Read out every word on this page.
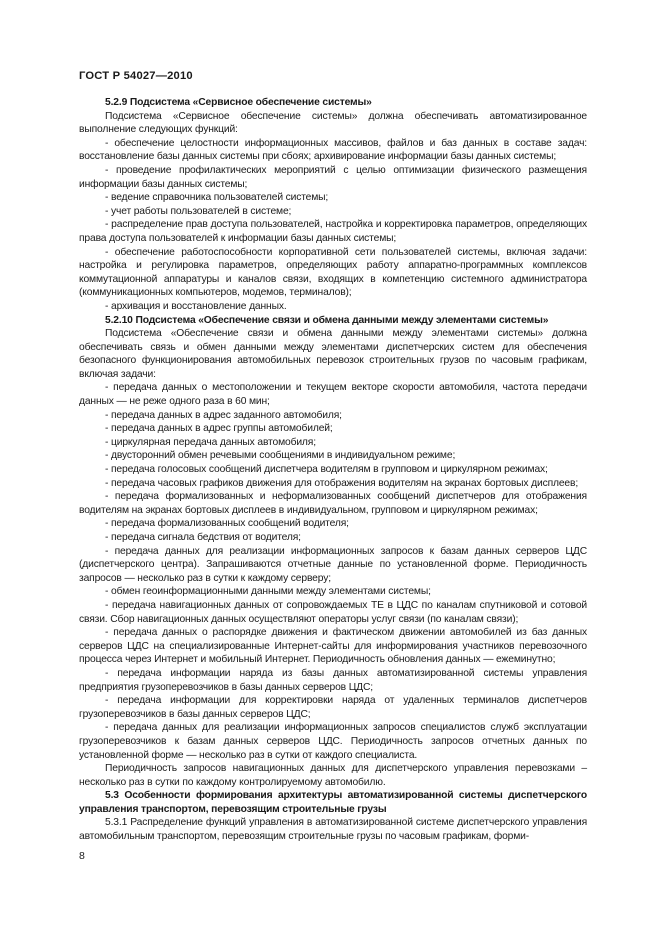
ГОСТ Р 54027—2010

5.2.9 Подсистема «Сервисное обеспечение системы»

Подсистема «Сервисное обеспечение системы» должна обеспечивать автоматизированное выполнение следующих функций:

- обеспечение целостности информационных массивов, файлов и баз данных в составе задач: восстановление базы данных системы при сбоях; архивирование информации базы данных системы;

- проведение профилактических мероприятий с целью оптимизации физического размещения информации базы данных системы;

- ведение справочника пользователей системы;

- учет работы пользователей в системе;

- распределение прав доступа пользователей, настройка и корректировка параметров, определяющих права доступа пользователей к информации базы данных системы;

- обеспечение работоспособности корпоративной сети пользователей системы, включая задачи: настройка и регулировка параметров, определяющих работу аппаратно-программных комплексов коммутационной аппаратуры и каналов связи, входящих в компетенцию системного администратора (коммуникационных компьютеров, модемов, терминалов);

- архивация и восстановление данных.

5.2.10 Подсистема «Обеспечение связи и обмена данными между элементами системы»

Подсистема «Обеспечение связи и обмена данными между элементами системы» должна обеспечивать связь и обмен данными между элементами диспетчерских систем для обеспечения безопасного функционирования автомобильных перевозок строительных грузов по часовым графикам, включая задачи:

- передача данных о местоположении и текущем векторе скорости автомобиля, частота передачи данных — не реже одного раза в 60 мин;

- передача данных в адрес заданного автомобиля;

- передача данных в адрес группы автомобилей;

- циркулярная передача данных автомобиля;

- двусторонний обмен речевыми сообщениями в индивидуальном режиме;

- передача голосовых сообщений диспетчера водителям в групповом и циркулярном режимах;

- передача часовых графиков движения для отображения водителям на экранах бортовых дисплеев;

- передача формализованных и неформализованных сообщений диспетчеров для отображения водителям на экранах бортовых дисплеев в индивидуальном, групповом и циркулярном режимах;

- передача формализованных сообщений водителя;

- передача сигнала бедствия от водителя;

- передача данных для реализации информационных запросов к базам данных серверов ЦДС (диспетчерского центра). Запрашиваются отчетные данные по установленной форме. Периодичность запросов — несколько раз в сутки к каждому серверу;

- обмен геоинформационными данными между элементами системы;

- передача навигационных данных от сопровождаемых ТЕ в ЦДС по каналам спутниковой и сотовой связи. Сбор навигационных данных осуществляют операторы услуг связи (по каналам связи);

- передача данных о распорядке движения и фактическом движении автомобилей из баз данных серверов ЦДС на специализированные Интернет-сайты для информирования участников перевозочного процесса через Интернет и мобильный Интернет. Периодичность обновления данных — ежеминутно;

- передача информации наряда из базы данных автоматизированной системы управления предприятия грузоперевозчиков в базы данных серверов ЦДС;

- передача информации для корректировки наряда от удаленных терминалов диспетчеров грузоперевозчиков в базы данных серверов ЦДС;

- передача данных для реализации информационных запросов специалистов служб эксплуатации грузоперевозчиков к базам данных серверов ЦДС. Периодичность запросов отчетных данных по установленной форме — несколько раз в сутки от каждого специалиста.

Периодичность запросов навигационных данных для диспетчерского управления перевозками – несколько раз в сутки по каждому контролируемому автомобилю.

5.3 Особенности формирования архитектуры автоматизированной системы диспетчерского управления транспортом, перевозящим строительные грузы

5.3.1 Распределение функций управления в автоматизированной системе диспетчерского управления автомобильным транспортом, перевозящим строительные грузы по часовым графикам, форми-

8
